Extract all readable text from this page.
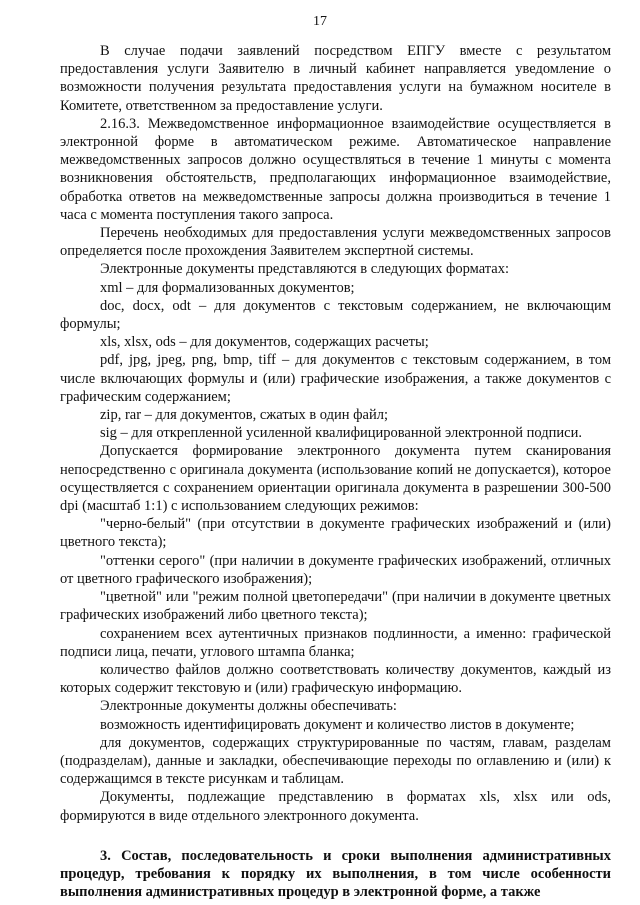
17

В случае подачи заявлений посредством ЕПГУ вместе с результатом предоставления услуги Заявителю в личный кабинет направляется уведомление о возможности получения результата предоставления услуги на бумажном носителе в Комитете, ответственном за предоставление услуги.

2.16.3. Межведомственное информационное взаимодействие осуществляется в электронной форме в автоматическом режиме. Автоматическое направление межведомственных запросов должно осуществляться в течение 1 минуты с момента возникновения обстоятельств, предполагающих информационное взаимодействие, обработка ответов на межведомственные запросы должна производиться в течение 1 часа с момента поступления такого запроса.

Перечень необходимых для предоставления услуги межведомственных запросов определяется после прохождения Заявителем экспертной системы.

Электронные документы представляются в следующих форматах:

xml – для формализованных документов;

doc, docx, odt – для документов с текстовым содержанием, не включающим формулы;

xls, xlsx, ods – для документов, содержащих расчеты;

pdf, jpg, jpeg, png, bmp, tiff – для документов с текстовым содержанием, в том числе включающих формулы и (или) графические изображения, а также документов с графическим содержанием;

zip, rar – для документов, сжатых в один файл;

sig – для открепленной усиленной квалифицированной электронной подписи.

Допускается формирование электронного документа путем сканирования непосредственно с оригинала документа (использование копий не допускается), которое осуществляется с сохранением ориентации оригинала документа в разрешении 300-500 dpi (масштаб 1:1) с использованием следующих режимов:

"черно-белый" (при отсутствии в документе графических изображений и (или) цветного текста);

"оттенки серого" (при наличии в документе графических изображений, отличных от цветного графического изображения);

"цветной" или "режим полной цветопередачи" (при наличии в документе цветных графических изображений либо цветного текста);

сохранением всех аутентичных признаков подлинности, а именно: графической подписи лица, печати, углового штампа бланка;

количество файлов должно соответствовать количеству документов, каждый из которых содержит текстовую и (или) графическую информацию.

Электронные документы должны обеспечивать:

возможность идентифицировать документ и количество листов в документе;

для документов, содержащих структурированные по частям, главам, разделам (подразделам), данные и закладки, обеспечивающие переходы по оглавлению и (или) к содержащимся в тексте рисункам и таблицам.

Документы, подлежащие представлению в форматах xls, xlsx или ods, формируются в виде отдельного электронного документа.

3. Состав, последовательность и сроки выполнения административных процедур, требования к порядку их выполнения, в том числе особенности выполнения административных процедур в электронной форме, а также
